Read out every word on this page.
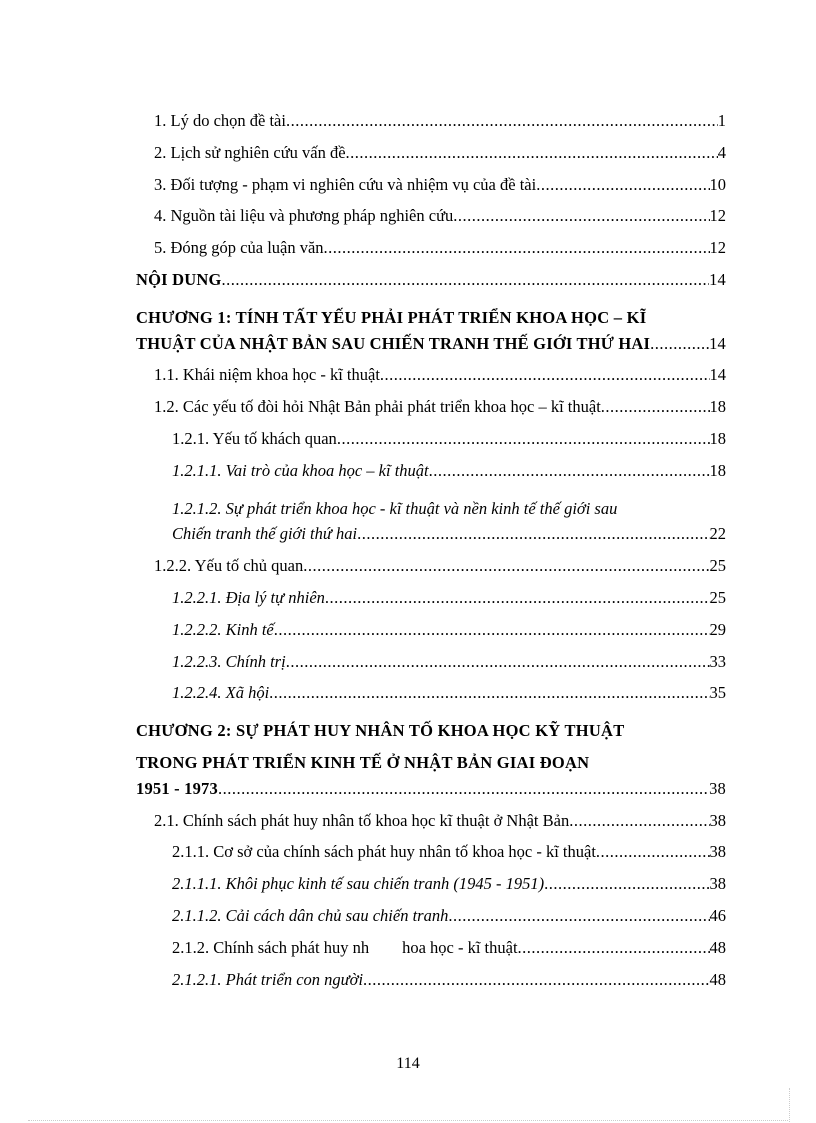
1. Lý do chọn đề tài .....	1
2. Lịch sử nghiên cứu vấn đề .....	4
3. Đối tượng - phạm vi nghiên cứu và nhiệm vụ của đề tài .....	10
4. Nguồn tài liệu và phương pháp nghiên cứu .....	12
5. Đóng góp của luận văn .....	12
NỘI DUNG .....	14
CHƯƠNG 1: TÍNH TẤT YẾU PHẢI PHÁT TRIỂN KHOA HỌC – KĨ
THUẬT CỦA NHẬT BẢN SAU CHIẾN TRANH THẾ GIỚI THỨ HAI .....	14
1.1. Khái niệm khoa học - kĩ thuật .....	14
1.2. Các yếu tố đòi hỏi Nhật Bản phải phát triển khoa học – kĩ thuật .....	18
1.2.1. Yếu tố khách quan .....	18
1.2.1.1. Vai trò của khoa học – kĩ thuật .....	18
1.2.1.2. Sự phát triển khoa học - kĩ thuật và nền kinh tế thế giới sau
Chiến tranh thế giới thứ hai .....	22
1.2.2. Yếu tố chủ quan .....	25
1.2.2.1. Địa lý tự nhiên .....	25
1.2.2.2. Kinh tế .....	29
1.2.2.3. Chính trị .....	33
1.2.2.4. Xã hội .....	35
CHƯƠNG 2: SỰ PHÁT HUY NHÂN TỐ KHOA HỌC KỸ THUẬT
TRONG PHÁT TRIỂN KINH TẾ Ở NHẬT BẢN GIAI ĐOẠN
1951 - 1973 .....	38
2.1. Chính sách phát huy nhân tố khoa học kĩ thuật ở Nhật Bản .....	38
2.1.1. Cơ sở của chính sách phát huy nhân tố khoa học - kĩ thuật .....	38
2.1.1.1. Khôi phục kinh tế sau chiến tranh (1945 - 1951) .....	38
2.1.1.2. Cải cách dân chủ sau chiến tranh .....	46
2.1.2. Chính sách phát huy nh        hoa học - kĩ thuật .....	48
2.1.2.1. Phát triển con người .....	48
114
